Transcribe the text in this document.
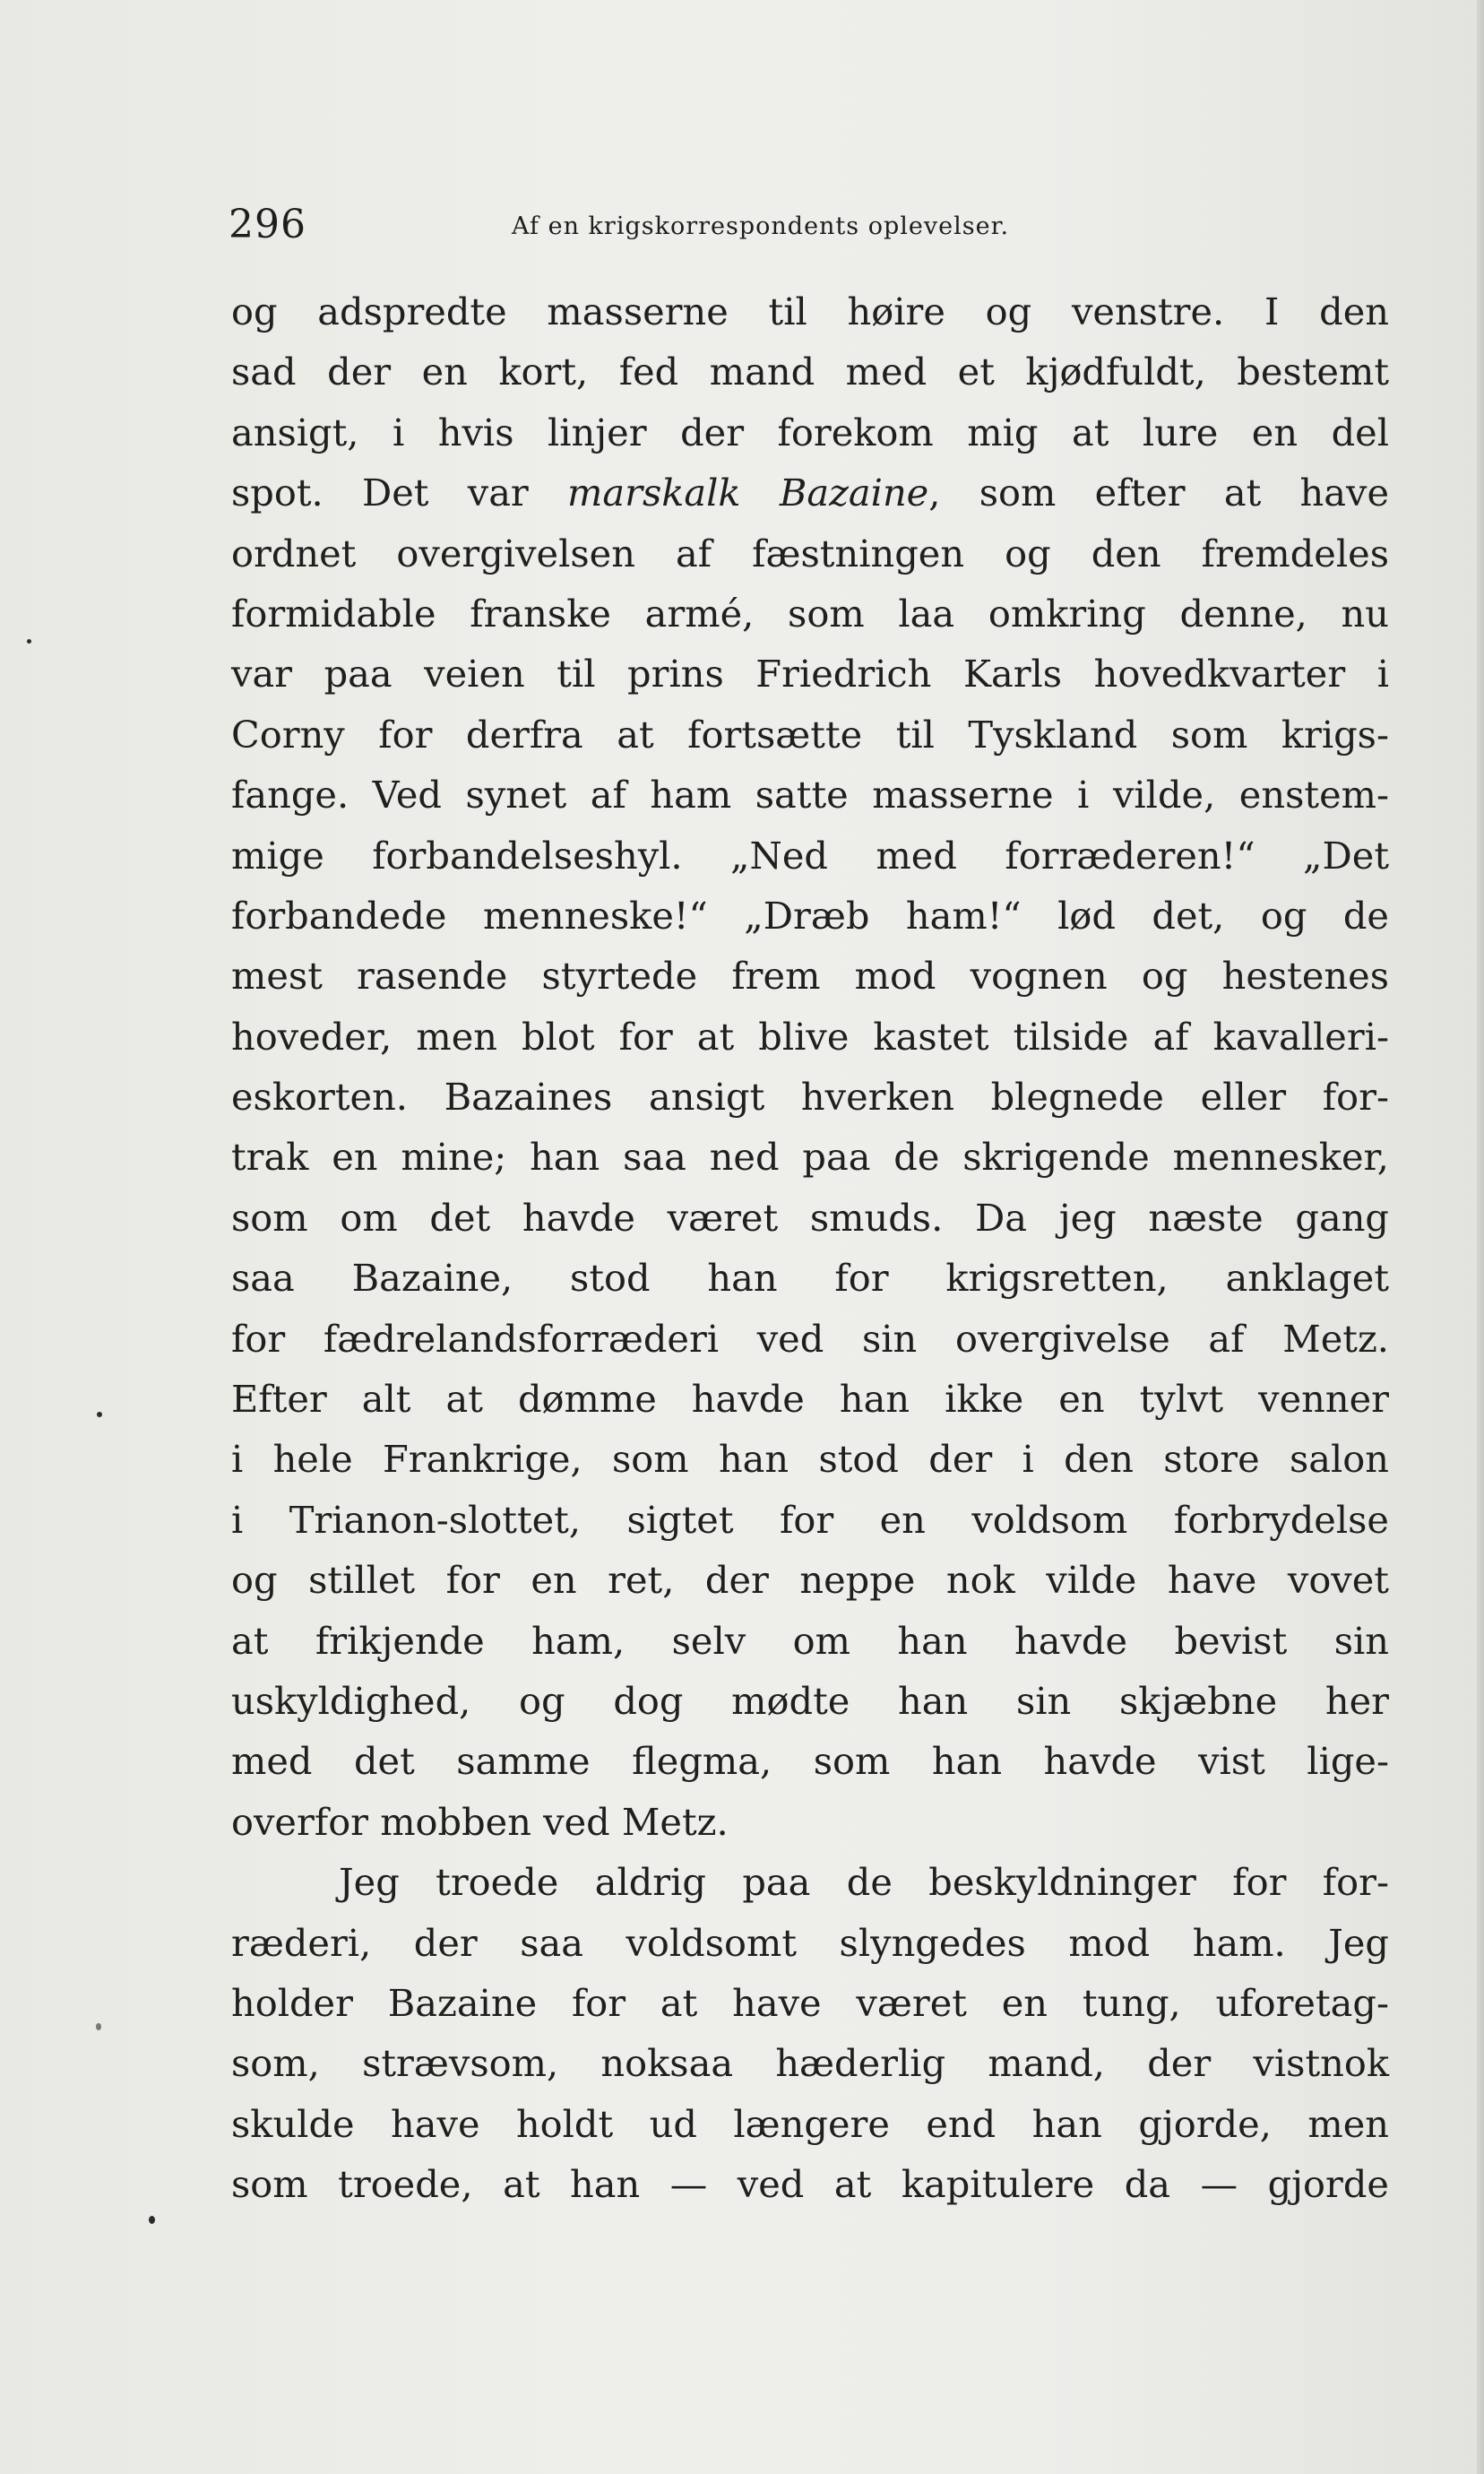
296	Af en krigskorrespondents oplevelser.
og adspredte masserne til høire og venstre. I den
sad der en kort, fed mand med et kjødfuldt, bestemt
ansigt, i hvis linjer der forekom mig at lure en del
spot. Det var marskalk Bazaine, som efter at have
ordnet overgivelsen af fæstningen og den fremdeles
formidable franske armé, som laa omkring denne, nu
var paa veien til prins Friedrich Karls hovedkvarter i
Corny for derfra at fortsætte til Tyskland som krigs-
fange. Ved synet af ham satte masserne i vilde, enstem-
mige forbandelseshyl. „Ned med forræderen!“ „Det
forbandede menneske!“ „Dræb ham!“ lød det, og de
mest rasende styrtede frem mod vognen og hestenes
hoveder, men blot for at blive kastet tilside af kavalleri-
eskorten. Bazaines ansigt hverken blegnede eller for-
trak en mine; han saa ned paa de skrigende mennesker,
som om det havde været smuds. Da jeg næste gang
saa Bazaine, stod han for krigsretten, anklaget
for fædrelandsforræderi ved sin overgivelse af Metz.
Efter alt at dømme havde han ikke en tylvt venner
i hele Frankrige, som han stod der i den store salon
i Trianon-slottet, sigtet for en voldsom forbrydelse
og stillet for en ret, der neppe nok vilde have vovet
at frikjende ham, selv om han havde bevist sin
uskyldighed, og dog mødte han sin skjæbne her
med det samme flegma, som han havde vist lige-
overfor mobben ved Metz.
Jeg troede aldrig paa de beskyldninger for for-
ræderi, der saa voldsomt slyngedes mod ham. Jeg
holder Bazaine for at have været en tung, uforetag-
som, strævsom, noksaa hæderlig mand, der vistnok
skulde have holdt ud længere end han gjorde, men
som troede, at han — ved at kapitulere da — gjorde
